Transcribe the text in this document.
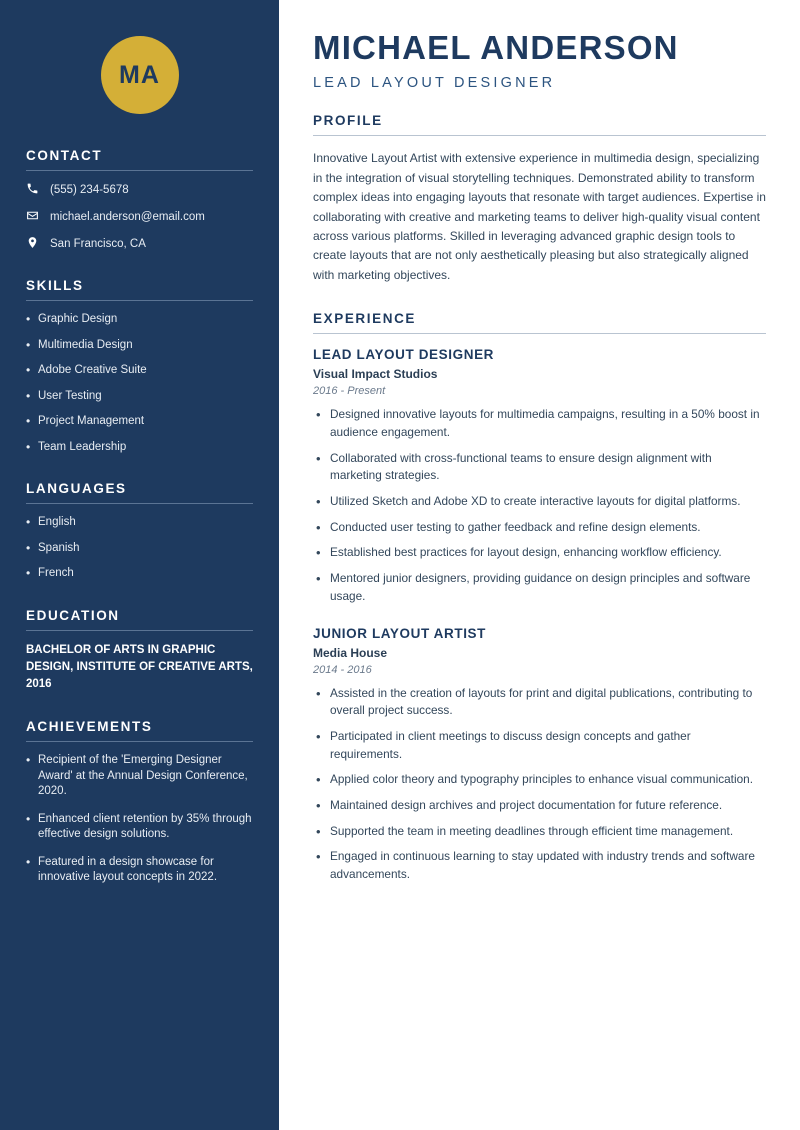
MA
CONTACT
(555) 234-5678
michael.anderson@email.com
San Francisco, CA
SKILLS
• Graphic Design
• Multimedia Design
• Adobe Creative Suite
• User Testing
• Project Management
• Team Leadership
LANGUAGES
• English
• Spanish
• French
EDUCATION
BACHELOR OF ARTS IN GRAPHIC DESIGN, INSTITUTE OF CREATIVE ARTS, 2016
ACHIEVEMENTS
• Recipient of the 'Emerging Designer Award' at the Annual Design Conference, 2020.
• Enhanced client retention by 35% through effective design solutions.
• Featured in a design showcase for innovative layout concepts in 2022.
MICHAEL ANDERSON
LEAD LAYOUT DESIGNER
PROFILE

Innovative Layout Artist with extensive experience in multimedia design, specializing in the integration of visual storytelling techniques. Demonstrated ability to transform complex ideas into engaging layouts that resonate with target audiences. Expertise in collaborating with creative and marketing teams to deliver high-quality visual content across various platforms. Skilled in leveraging advanced graphic design tools to create layouts that are not only aesthetically pleasing but also strategically aligned with marketing objectives.

EXPERIENCE
LEAD LAYOUT DESIGNER
Visual Impact Studios
2016 - Present
• Designed innovative layouts for multimedia campaigns, resulting in a 50% boost in audience engagement.
• Collaborated with cross-functional teams to ensure design alignment with marketing strategies.
• Utilized Sketch and Adobe XD to create interactive layouts for digital platforms.
• Conducted user testing to gather feedback and refine design elements.
• Established best practices for layout design, enhancing workflow efficiency.
• Mentored junior designers, providing guidance on design principles and software usage.
JUNIOR LAYOUT ARTIST
Media House
2014 - 2016
• Assisted in the creation of layouts for print and digital publications, contributing to overall project success.
• Participated in client meetings to discuss design concepts and gather requirements.
• Applied color theory and typography principles to enhance visual communication.
• Maintained design archives and project documentation for future reference.
• Supported the team in meeting deadlines through efficient time management.
• Engaged in continuous learning to stay updated with industry trends and software advancements.
